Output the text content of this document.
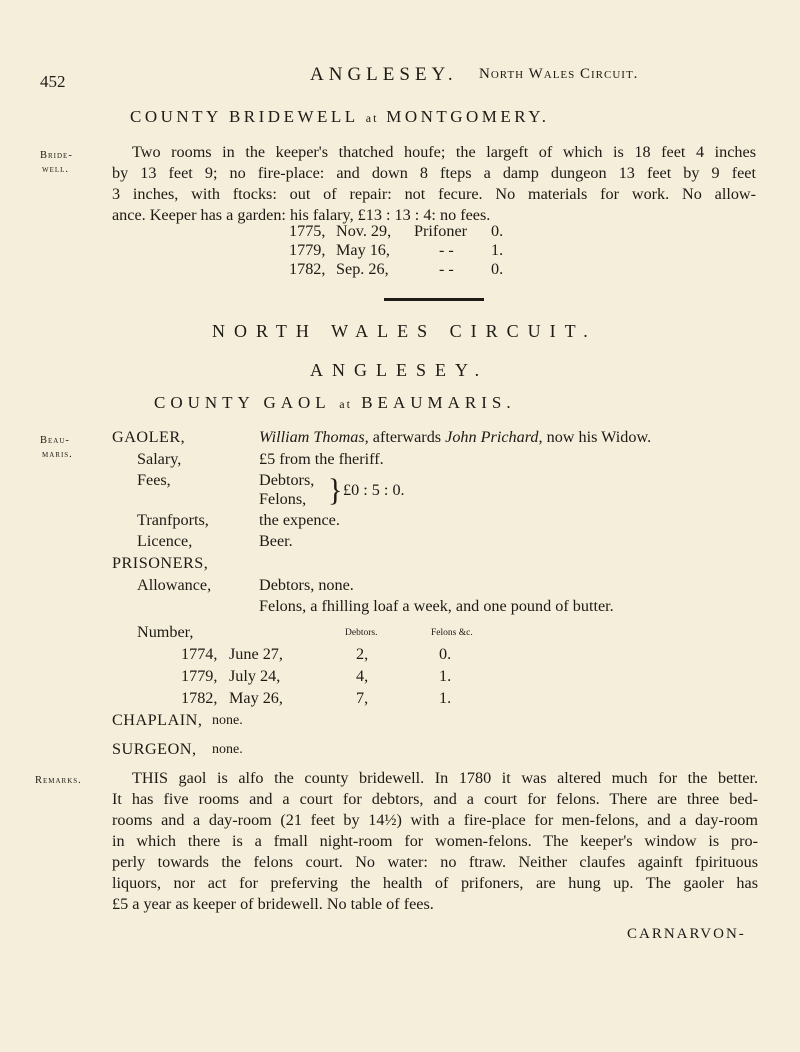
452	ANGLESEY. North Wales Circuit.
COUNTY BRIDEWELL at MONTGOMERY.
Bride-
well.
Two rooms in the keeper's thatched houfe; the largeft of which is 18 feet 4 inches
by 13 feet 9; no fire-place: and down 8 fteps a damp dungeon 13 feet by 9 feet
3 inches, with ftocks: out of repair: not fecure. No materials for work. No allow-
ance. Keeper has a garden: his falary, £13 : 13 : 4: no fees.
1775, Nov. 29, Prifoner 0.
1779, May 16,	- - 1.
1782, Sep. 26,	- - 0.
NORTH WALES CIRCUIT.
ANGLESEY.
COUNTY GAOL at BEAUMARIS.
Beau-
maris.
GAOLER,	William Thomas, afterwards John Prichard, now his Widow.
Salary,	£5 from the fheriff.
Fees,	Debtors,
Felons, } £0 : 5 : 0.
Tranfports,	the expence.
Licence,	Beer.
PRISONERS,
Allowance,	Debtors, none.
Felons, a fhilling loaf a week, and one pound of butter.
Number,	Debtors.	Felons &c.
1774, June 27,	2,	0.
1779, July 24,	4,	1.
1782, May 26,	7,	1.
CHAPLAIN, none.
SURGEON, none.
Remarks.	THIS gaol is alfo the county bridewell. In 1780 it was altered much for the better.
It has five rooms and a court for debtors, and a court for felons. There are three bed-
rooms and a day-room (21 feet by 14½) with a fire-place for men-felons, and a day-room
in which there is a fmall night-room for women-felons. The keeper's window is pro-
perly towards the felons court. No water: no ftraw. Neither claufes againft fpirituous
liquors, nor act for preferving the health of prifoners, are hung up. The gaoler has
£5 a year as keeper of bridewell. No table of fees.
CARNARVON-
